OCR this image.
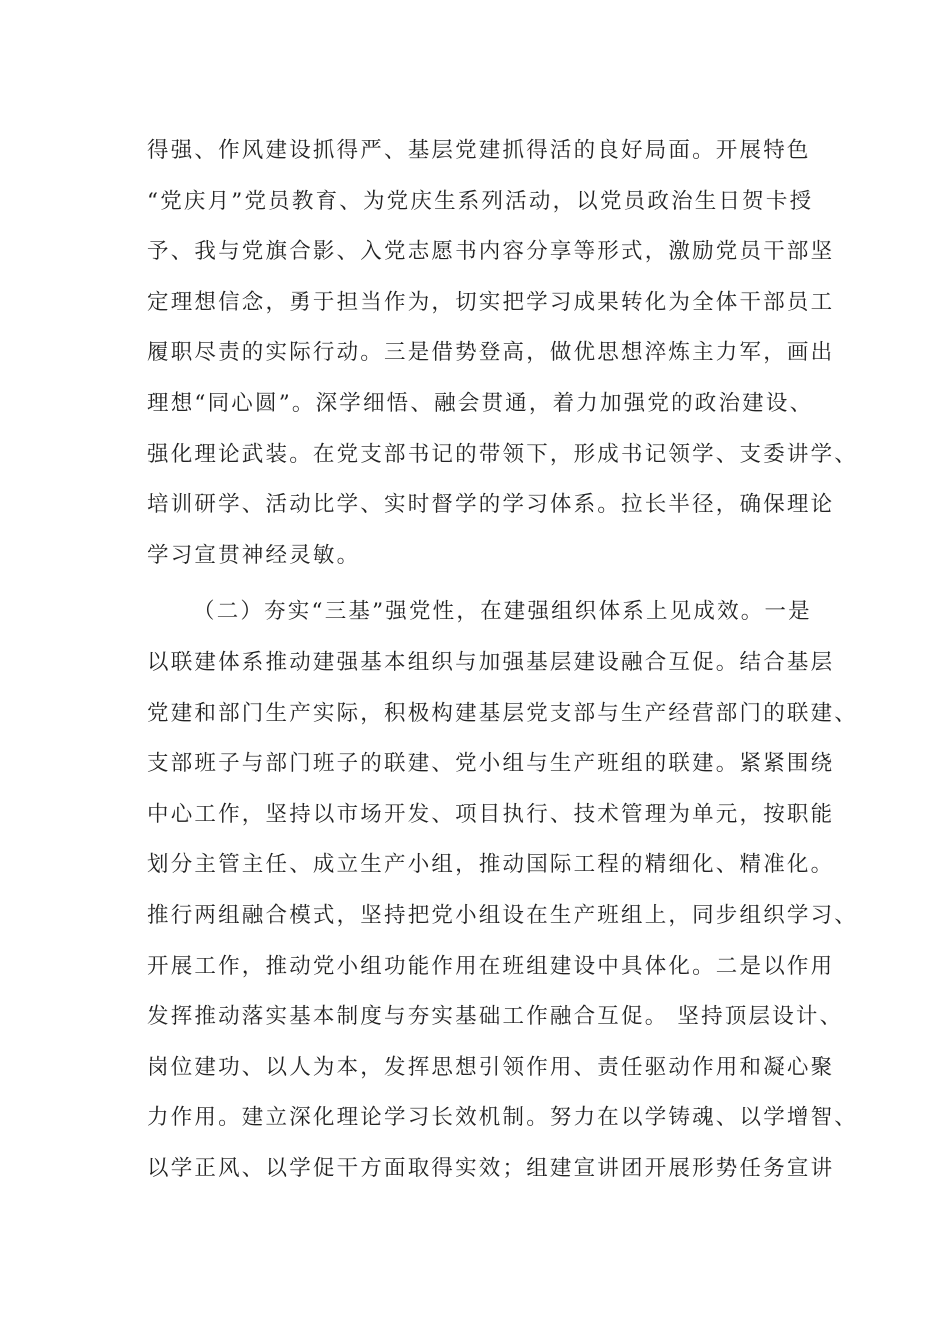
得强、作风建设抓得严、基层党建抓得活的良好局面。开展特色
“党庆月”党员教育、为党庆生系列活动，以党员政治生日贺卡授
予、我与党旗合影、入党志愿书内容分享等形式，激励党员干部坚
定理想信念，勇于担当作为，切实把学习成果转化为全体干部员工
履职尽责的实际行动。三是借势登高，做优思想淬炼主力军，画出
理想“同心圆”。深学细悟、融会贯通，着力加强党的政治建设、
强化理论武装。在党支部书记的带领下，形成书记领学、支委讲学、
培训研学、活动比学、实时督学的学习体系。拉长半径，确保理论
学习宣贯神经灵敏。
（二）夯实“三基”强党性，在建强组织体系上见成效。一是
以联建体系推动建强基本组织与加强基层建设融合互促。结合基层
党建和部门生产实际，积极构建基层党支部与生产经营部门的联建、
支部班子与部门班子的联建、党小组与生产班组的联建。紧紧围绕
中心工作，坚持以市场开发、项目执行、技术管理为单元，按职能
划分主管主任、成立生产小组，推动国际工程的精细化、精准化。
推行两组融合模式，坚持把党小组设在生产班组上，同步组织学习、
开展工作，推动党小组功能作用在班组建设中具体化。二是以作用
发挥推动落实基本制度与夯实基础工作融合互促。 坚持顶层设计、
岗位建功、以人为本，发挥思想引领作用、责任驱动作用和凝心聚
力作用。建立深化理论学习长效机制。努力在以学铸魂、以学增智、
以学正风、以学促干方面取得实效；组建宣讲团开展形势任务宣讲
